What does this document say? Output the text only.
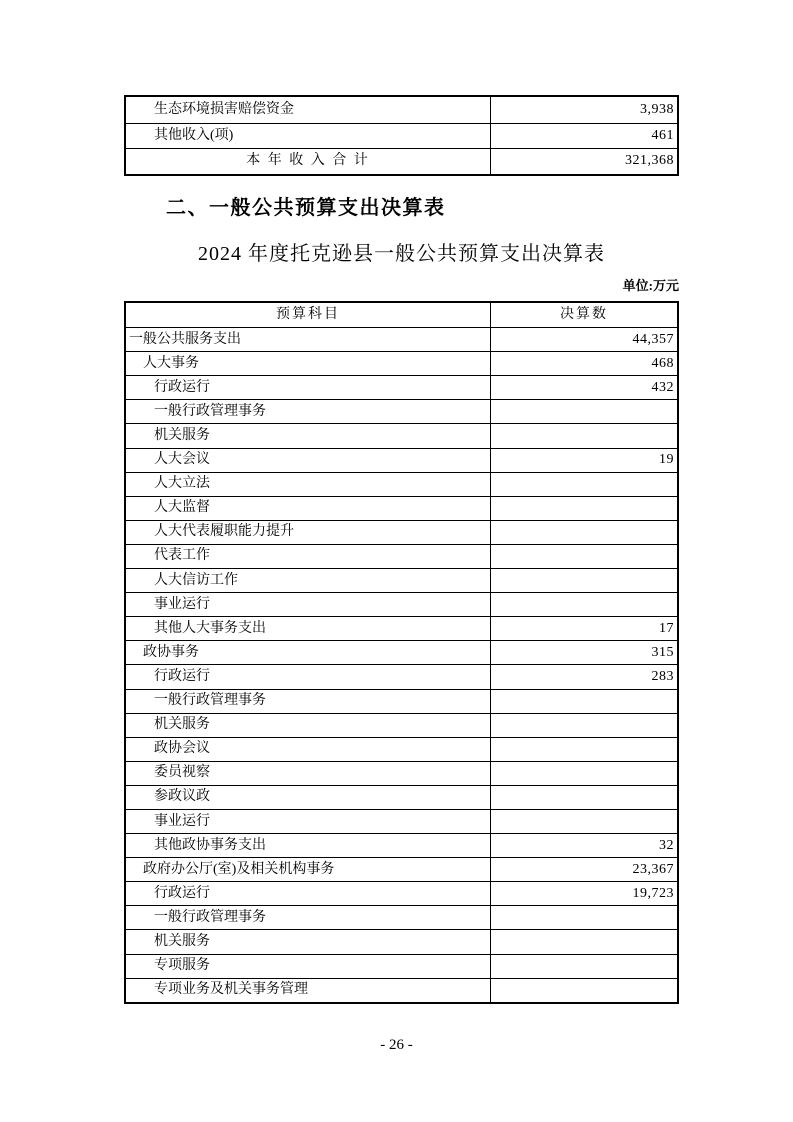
生态环境损害赔偿资金	3,938
其他收入(项)	461
本 年 收 入 合 计	321,368
二、一般公共预算支出决算表
2024 年度托克逊县一般公共预算支出决算表
单位:万元
预算科目	决算数
一般公共服务支出	44,357
人大事务	468
行政运行	432
一般行政管理事务
机关服务
人大会议	19
人大立法
人大监督
人大代表履职能力提升
代表工作
人大信访工作
事业运行
其他人大事务支出	17
政协事务	315
行政运行	283
一般行政管理事务
机关服务
政协会议
委员视察
参政议政
事业运行
其他政协事务支出	32
政府办公厅(室)及相关机构事务	23,367
行政运行	19,723
一般行政管理事务
机关服务
专项服务
专项业务及机关事务管理
- 26 -
